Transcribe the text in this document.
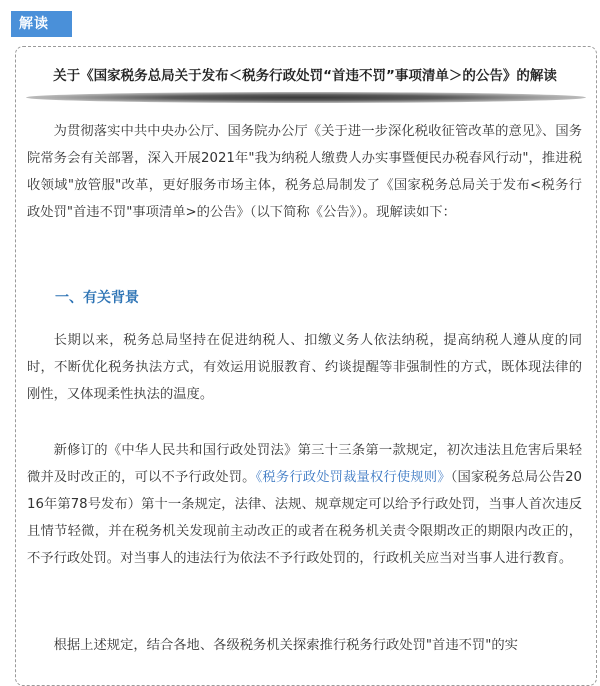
解读
关于《国家税务总局关于发布＜税务行政处罚“首违不罚”事项清单＞的公告》的解读

为贯彻落实中共中央办公厅、国务院办公厅《关于进一步深化税收征管改革的意见》、国务院常务会有关部署，深入开展2021年"我为纳税人缴费人办实事暨便民办税春风行动"，推进税收领域"放管服"改革，更好服务市场主体，税务总局制发了《国家税务总局关于发布<税务行政处罚"首违不罚"事项清单>的公告》（以下简称《公告》）。现解读如下：

一、有关背景

长期以来，税务总局坚持在促进纳税人、扣缴义务人依法纳税，提高纳税人遵从度的同时，不断优化税务执法方式，有效运用说服教育、约谈提醒等非强制性的方式，既体现法律的刚性，又体现柔性执法的温度。

新修订的《中华人民共和国行政处罚法》第三十三条第一款规定，初次违法且危害后果轻微并及时改正的，可以不予行政处罚。《税务行政处罚裁量权行使规则》（国家税务总局公告2016年第78号发布）第十一条规定，法律、法规、规章规定可以给予行政处罚，当事人首次违反且情节轻微，并在税务机关发现前主动改正的或者在税务机关责令限期改正的期限内改正的，不予行政处罚。对当事人的违法行为依法不予行政处罚的，行政机关应当对当事人进行教育。

根据上述规定，结合各地、各级税务机关探索推行税务行政处罚"首违不罚"的实
